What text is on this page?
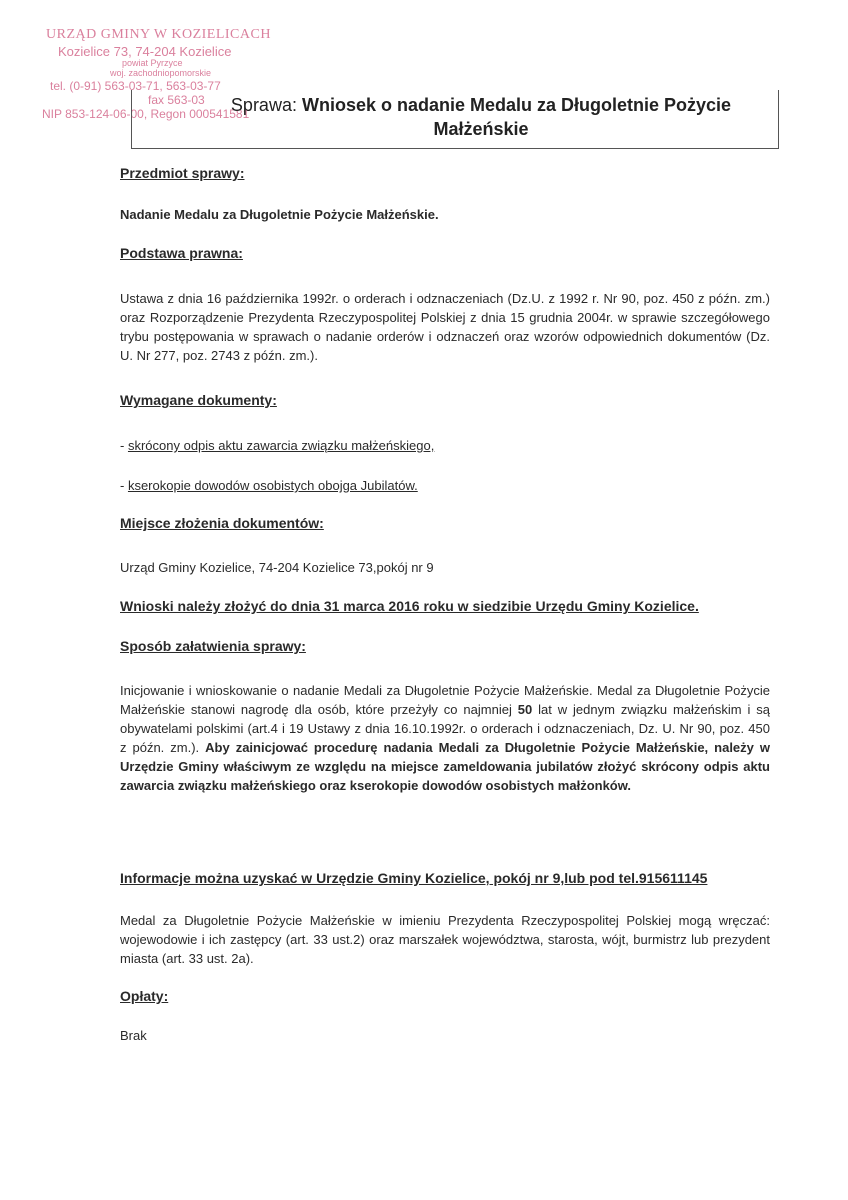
URZĄD GMINY W KOZIELICACH
Kozielice 73, 74-204 Kozielice
powiat Pyrzyce
woj. zachodniopomorskie
tel. (0-91) 563-03-71, 563-03-77
fax 563-03
NIP 853-124-06-00, Regon 000541581
Sprawa: Wniosek o nadanie Medalu za Długoletnie Pożycie
Małżeńskie

Przedmiot sprawy:

Nadanie Medalu za Długoletnie Pożycie Małżeńskie.

Podstawa prawna:

Ustawa z dnia 16 października 1992r. o orderach i odznaczeniach (Dz.U. z 1992 r. Nr 90, poz. 450 z późn. zm.) oraz Rozporządzenie Prezydenta Rzeczypospolitej Polskiej z dnia 15 grudnia 2004r. w sprawie szczegółowego trybu postępowania w sprawach o nadanie orderów i odznaczeń oraz wzorów odpowiednich dokumentów (Dz. U. Nr 277, poz. 2743 z późn. zm.).

Wymagane dokumenty:

- skrócony odpis aktu zawarcia związku małżeńskiego,

- kserokopie dowodów osobistych obojga Jubilatów.

Miejsce złożenia dokumentów:

Urząd Gminy Kozielice, 74-204 Kozielice 73,pokój nr 9

Wnioski należy złożyć do dnia 31 marca 2016 roku w siedzibie Urzędu Gminy Kozielice.

Sposób załatwienia sprawy:

Inicjowanie i wnioskowanie o nadanie Medali za Długoletnie Pożycie Małżeńskie. Medal za Długoletnie Pożycie Małżeńskie stanowi nagrodę dla osób, które przeżyły co najmniej 50 lat w jednym związku małżeńskim i są obywatelami polskimi (art.4 i 19 Ustawy z dnia 16.10.1992r. o orderach i odznaczeniach, Dz. U. Nr 90, poz. 450 z późn. zm.). Aby zainicjować procedurę nadania Medali za Długoletnie Pożycie Małżeńskie, należy w Urzędzie Gminy właściwym ze względu na miejsce zameldowania jubilatów złożyć skrócony odpis aktu zawarcia związku małżeńskiego oraz kserokopie dowodów osobistych małżonków.

Informacje można uzyskać w Urzędzie Gminy Kozielice, pokój nr 9,lub pod tel.915611145

Medal za Długoletnie Pożycie Małżeńskie w imieniu Prezydenta Rzeczypospolitej Polskiej mogą wręczać: wojewodowie i ich zastępcy (art. 33 ust.2) oraz marszałek województwa, starosta, wójt, burmistrz lub prezydent miasta (art. 33 ust. 2a).

Opłaty:

Brak
